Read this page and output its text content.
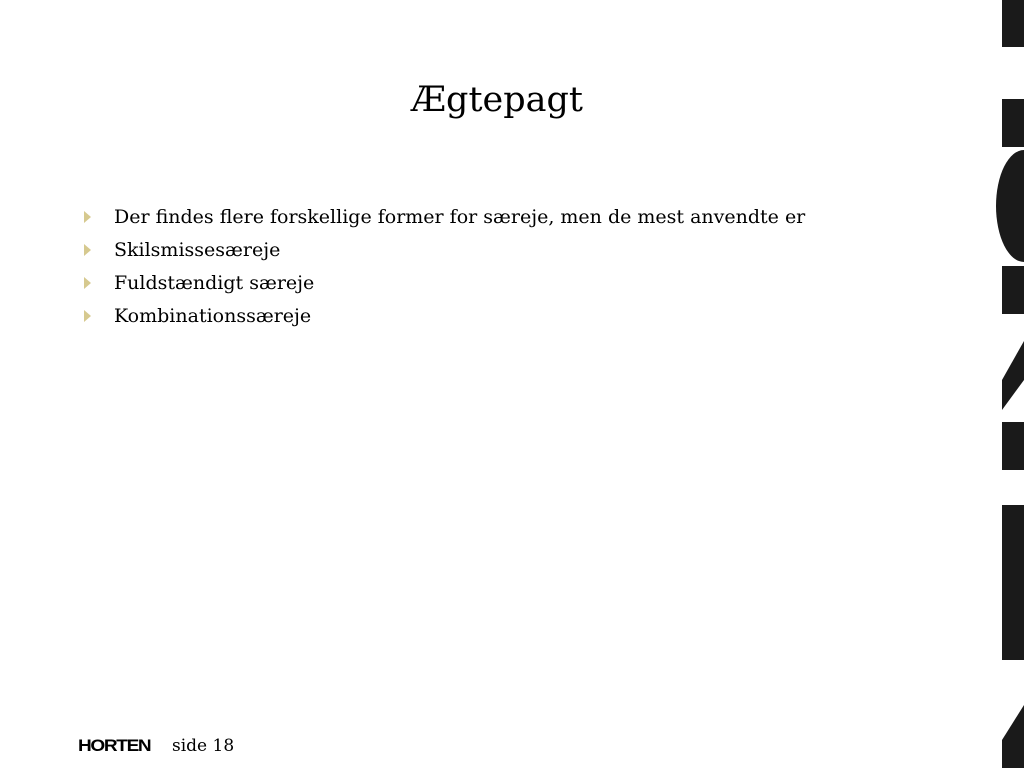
Ægtepagt
Der findes flere forskellige former for særeje, men de mest anvendte er
Skilsmissesæreje
Fuldstændigt særeje
Kombinationssæreje
HORTEN side 18
